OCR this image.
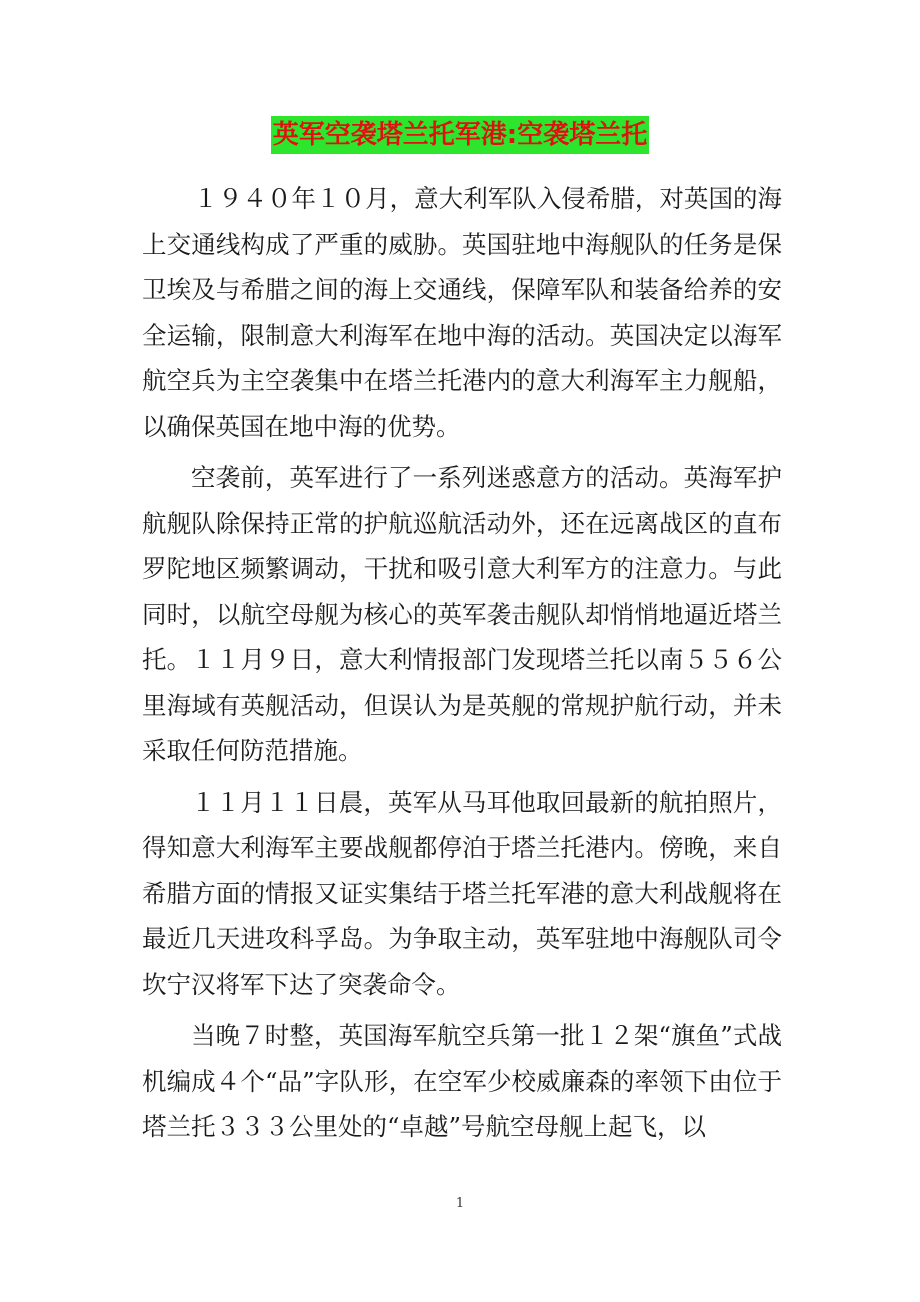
英军空袭塔兰托军港:空袭塔兰托

１９４０年１０月，意大利军队入侵希腊，对英国的海上交通线构成了严重的威胁。英国驻地中海舰队的任务是保卫埃及与希腊之间的海上交通线，保障军队和装备给养的安全运输，限制意大利海军在地中海的活动。英国决定以海军航空兵为主空袭集中在塔兰托港内的意大利海军主力舰船，以确保英国在地中海的优势。

空袭前，英军进行了一系列迷惑意方的活动。英海军护航舰队除保持正常的护航巡航活动外，还在远离战区的直布罗陀地区频繁调动，干扰和吸引意大利军方的注意力。与此同时，以航空母舰为核心的英军袭击舰队却悄悄地逼近塔兰托。１１月９日，意大利情报部门发现塔兰托以南５５６公里海域有英舰活动，但误认为是英舰的常规护航行动，并未采取任何防范措施。

１１月１１日晨，英军从马耳他取回最新的航拍照片，得知意大利海军主要战舰都停泊于塔兰托港内。傍晚，来自希腊方面的情报又证实集结于塔兰托军港的意大利战舰将在最近几天进攻科孚岛。为争取主动，英军驻地中海舰队司令坎宁汉将军下达了突袭命令。

当晚７时整，英国海军航空兵第一批１２架“旗鱼”式战机编成４个“品”字队形，在空军少校威廉森的率领下由位于塔兰托３３３公里处的“卓越”号航空母舰上起飞，以

1
